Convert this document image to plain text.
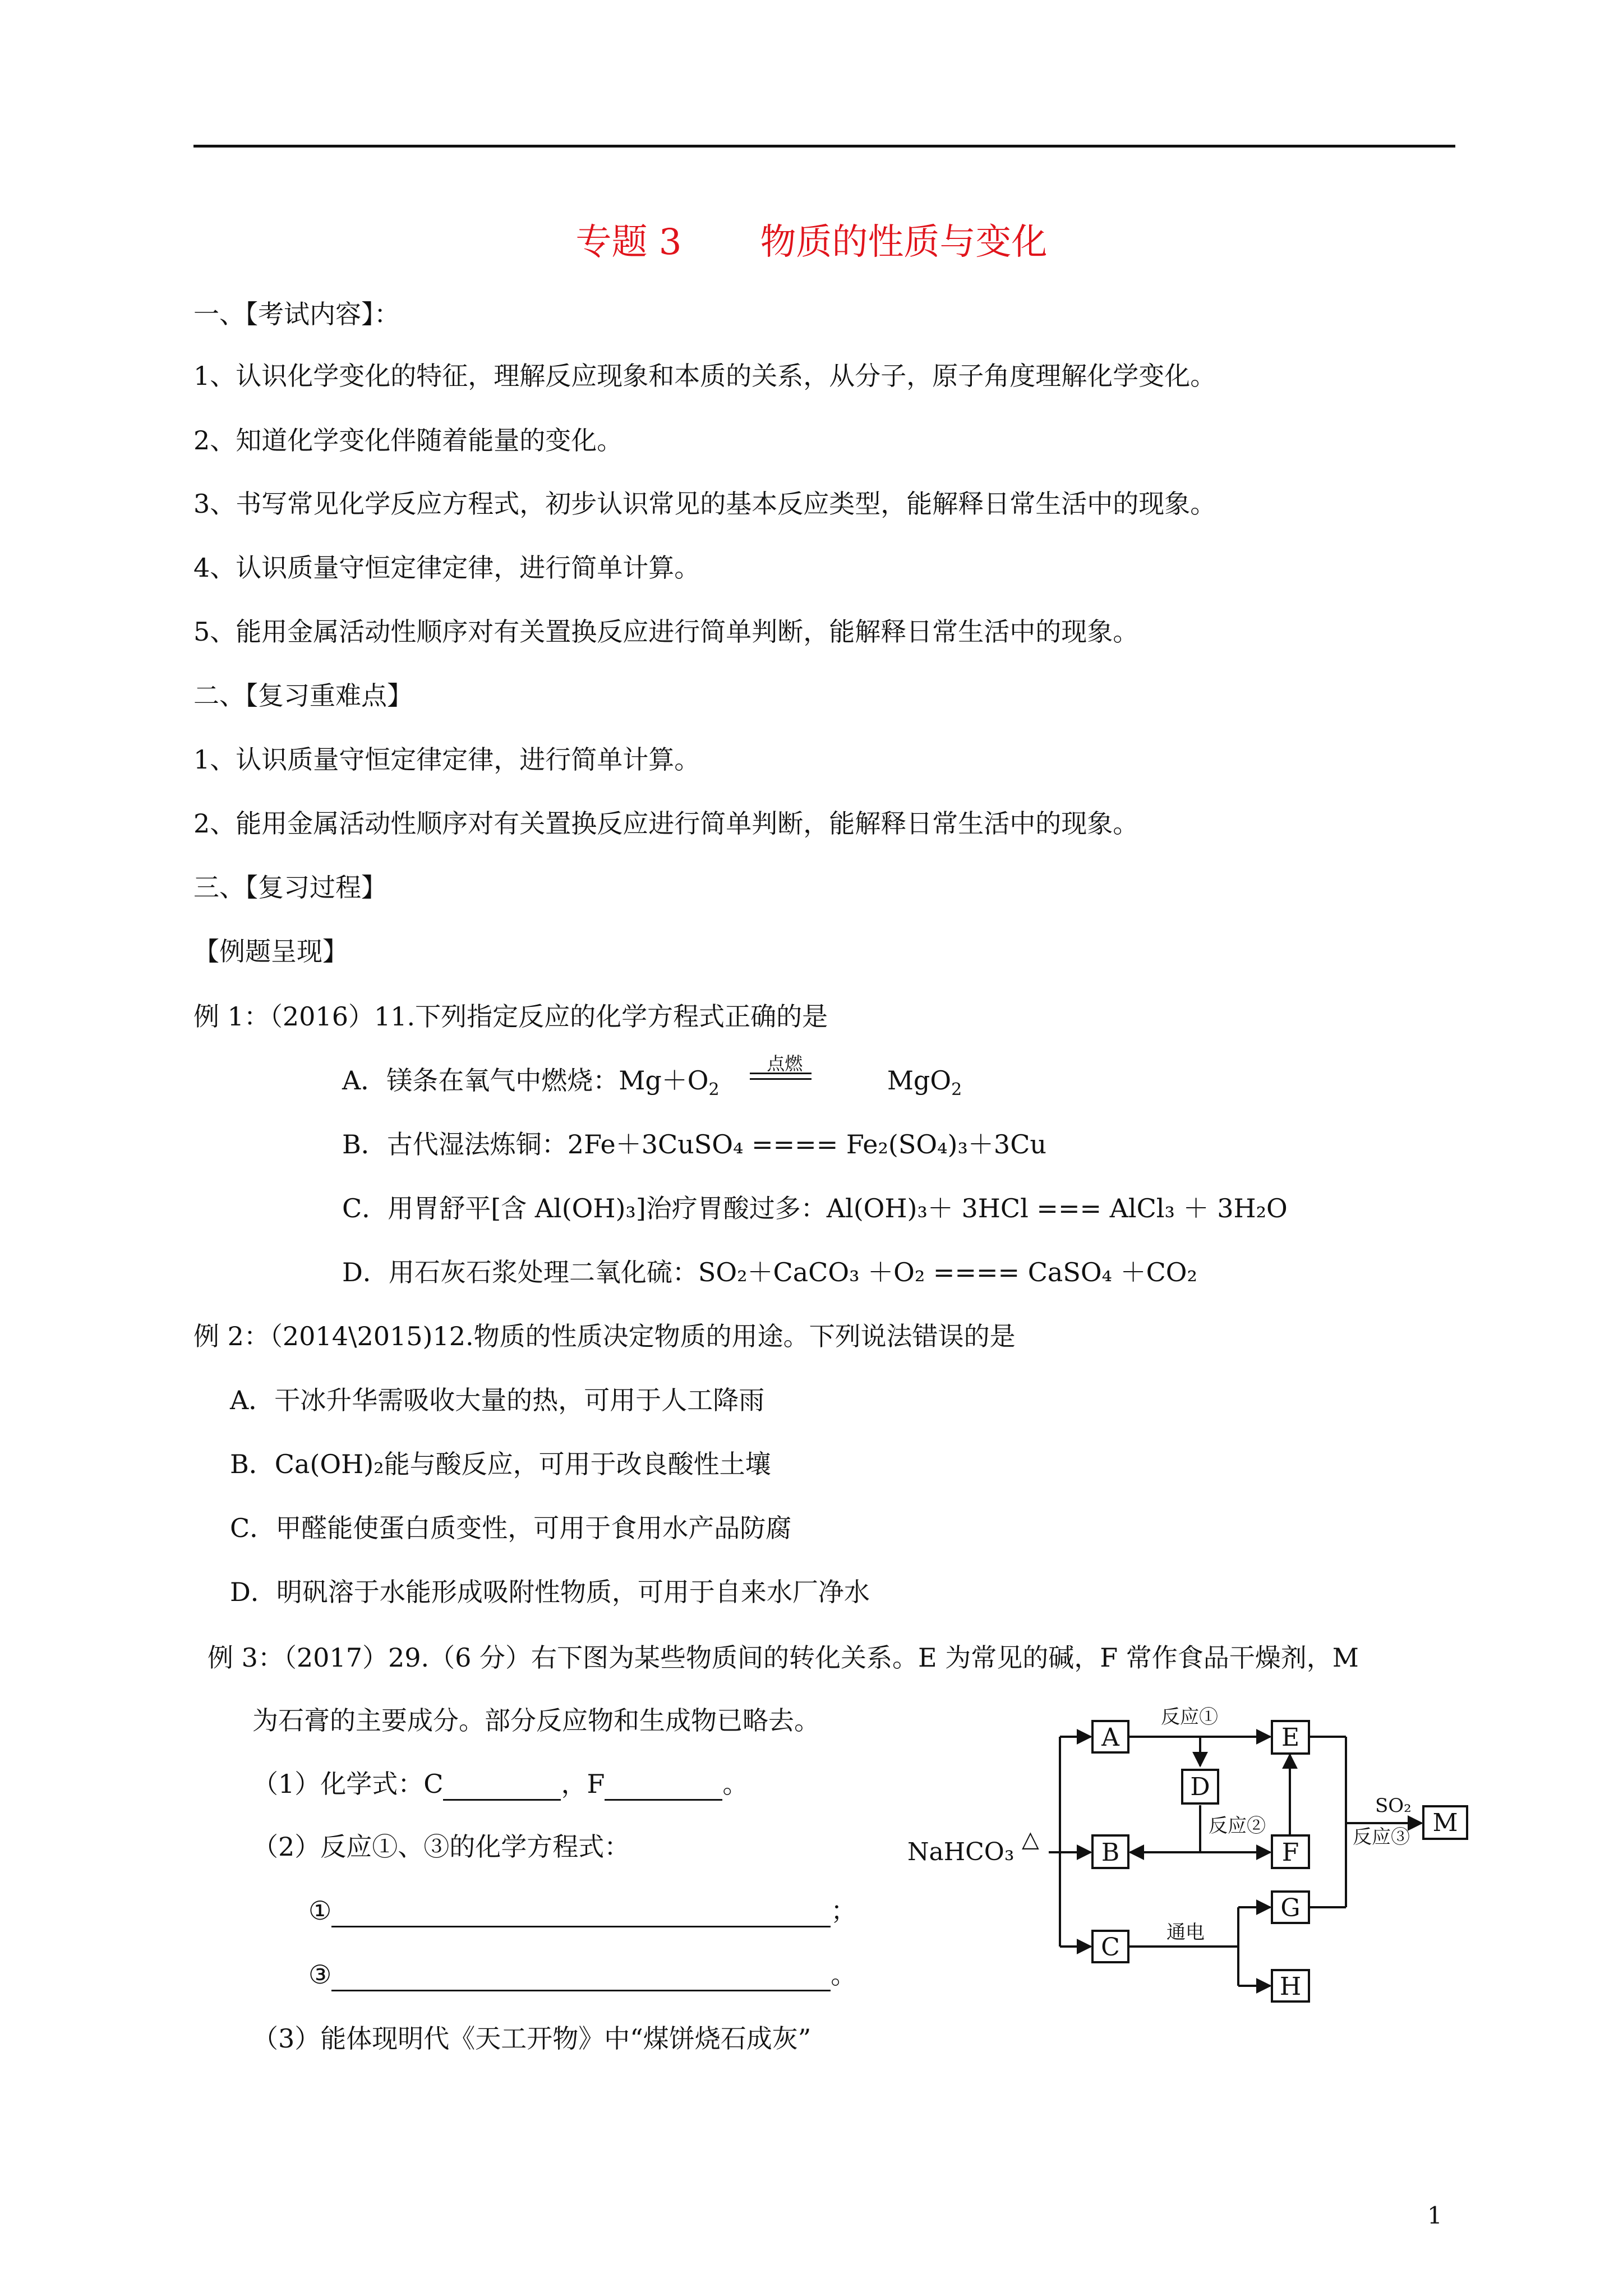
专题 3 物质的性质与变化
一、【考试内容】：
1、认识化学变化的特征，理解反应现象和本质的关系，从分子，原子角度理解化学变化。
2、知道化学变化伴随着能量的变化。
3、书写常见化学反应方程式，初步认识常见的基本反应类型，能解释日常生活中的现象。
4、认识质量守恒定律定律，进行简单计算。
5、能用金属活动性顺序对有关置换反应进行简单判断，能解释日常生活中的现象。
二、【复习重难点】
1、认识质量守恒定律定律，进行简单计算。
2、能用金属活动性顺序对有关置换反应进行简单判断，能解释日常生活中的现象。
三、【复习过程】
【例题呈现】
例 1：（2016）11.下列指定反应的化学方程式正确的是
A．镁条在氧气中燃烧：$Mg+O_2$
点燃
MgO$_2$
B．古代湿法炼铜：2Fe＋3CuSO₄ ==== Fe₂(SO₄)₃＋3Cu
C．用胃舒平[含 Al(OH)₃]治疗胃酸过多：Al(OH)₃＋ 3HCl === AlCl₃ ＋ 3H₂O
D．用石灰石浆处理二氧化硫：SO₂＋CaCO₃ ＋O₂ ==== CaSO₄ ＋CO₂
例 2：（2014\2015)12.物质的性质决定物质的用途。下列说法错误的是
A．干冰升华需吸收大量的热，可用于人工降雨
B．Ca(OH)₂能与酸反应，可用于改良酸性土壤
C．甲醛能使蛋白质变性，可用于食用水产品防腐
D．明矾溶于水能形成吸附性物质，可用于自来水厂净水
例 3：（2017）29.（6 分）右下图为某些物质间的转化关系。E 为常见的碱，F 常作食品干燥剂，M
为石膏的主要成分。部分反应物和生成物已略去。
（1）化学式：C	，F	。
（2）反应①、③的化学方程式：
①	；
③	。
（3）能体现明代《天工开物》中“煤饼烧石成灰”
A
B
C
D
E
F
G
H
M
NaHCO₃ △
反应①
反应②	反应③
SO₂
通电
1
